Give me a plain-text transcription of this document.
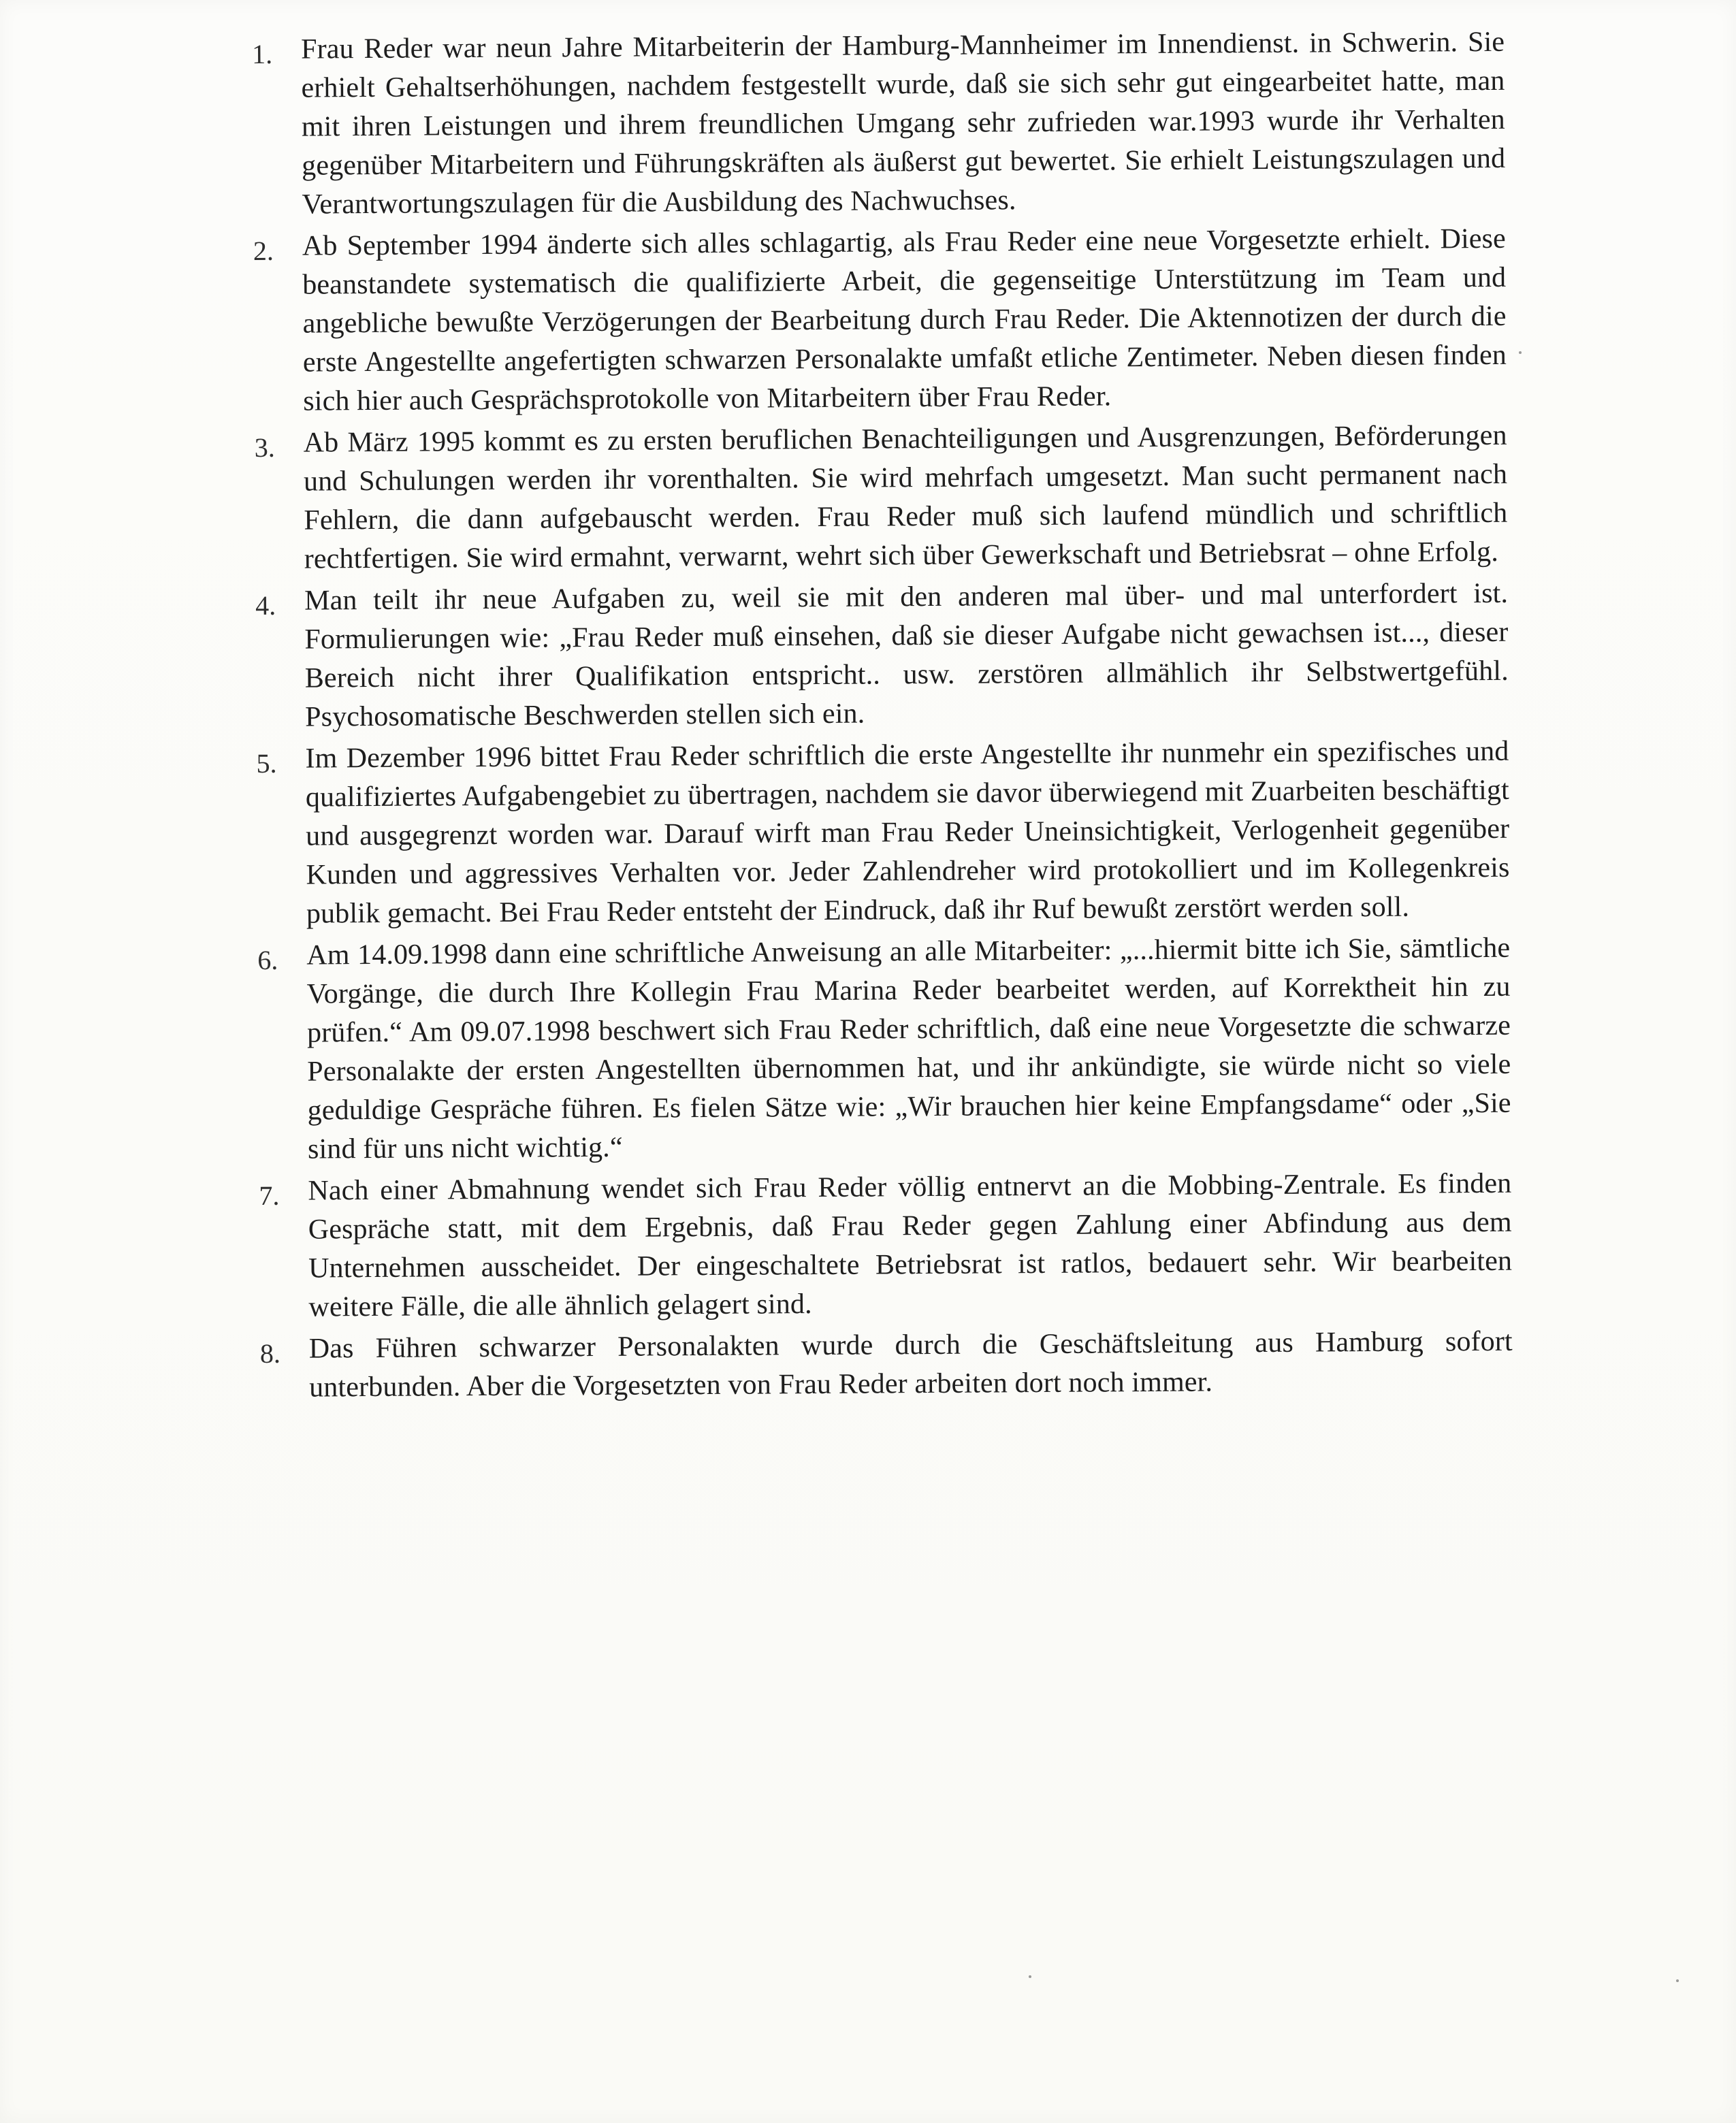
1. Frau Reder war neun Jahre Mitarbeiterin der Hamburg-Mannheimer im Innendienst. in Schwerin. Sie erhielt Gehaltserhöhungen, nachdem festgestellt wurde, daß sie sich sehr gut eingearbeitet hatte, man mit ihren Leistungen und ihrem freundlichen Umgang sehr zufrieden war.1993 wurde ihr Verhalten gegenüber Mitarbeitern und Führungskräften als äußerst gut bewertet. Sie erhielt Leistungszulagen und Verantwortungszulagen für die Ausbildung des Nachwuchses.
2. Ab September 1994 änderte sich alles schlagartig, als Frau Reder eine neue Vorgesetzte erhielt. Diese beanstandete systematisch die qualifizierte Arbeit, die gegenseitige Unterstützung im Team und angebliche bewußte Verzögerungen der Bearbeitung durch Frau Reder. Die Aktennotizen der durch die erste Angestellte angefertigten schwarzen Personalakte umfaßt etliche Zentimeter. Neben diesen finden sich hier auch Gesprächsprotokolle von Mitarbeitern über Frau Reder.
3. Ab März 1995 kommt es zu ersten beruflichen Benachteiligungen und Ausgrenzungen, Beförderungen und Schulungen werden ihr vorenthalten. Sie wird mehrfach umgesetzt. Man sucht permanent nach Fehlern, die dann aufgebauscht werden. Frau Reder muß sich laufend mündlich und schriftlich rechtfertigen. Sie wird ermahnt, verwarnt, wehrt sich über Gewerkschaft und Betriebsrat – ohne Erfolg.
4. Man teilt ihr neue Aufgaben zu, weil sie mit den anderen mal über- und mal unterfordert ist. Formulierungen wie: „Frau Reder muß einsehen, daß sie dieser Aufgabe nicht gewachsen ist..., dieser Bereich nicht ihrer Qualifikation entspricht.. usw. zerstören allmählich ihr Selbstwertgefühl. Psychosomatische Beschwerden stellen sich ein.
5. Im Dezember 1996 bittet Frau Reder schriftlich die erste Angestellte ihr nunmehr ein spezifisches und qualifiziertes Aufgabengebiet zu übertragen, nachdem sie davor überwiegend mit Zuarbeiten beschäftigt und ausgegrenzt worden war. Darauf wirft man Frau Reder Uneinsichtigkeit, Verlogenheit gegenüber Kunden und aggressives Verhalten vor. Jeder Zahlendreher wird protokolliert und im Kollegenkreis publik gemacht. Bei Frau Reder entsteht der Eindruck, daß ihr Ruf bewußt zerstört werden soll.
6. Am 14.09.1998 dann eine schriftliche Anweisung an alle Mitarbeiter: „...hiermit bitte ich Sie, sämtliche Vorgänge, die durch Ihre Kollegin Frau Marina Reder bearbeitet werden, auf Korrektheit hin zu prüfen.“ Am 09.07.1998 beschwert sich Frau Reder schriftlich, daß eine neue Vorgesetzte die schwarze Personalakte der ersten Angestellten übernommen hat, und ihr ankündigte, sie würde nicht so viele geduldige Gespräche führen. Es fielen Sätze wie: „Wir brauchen hier keine Empfangsdame“ oder „Sie sind für uns nicht wichtig.“
7. Nach einer Abmahnung wendet sich Frau Reder völlig entnervt an die Mobbing-Zentrale. Es finden Gespräche statt, mit dem Ergebnis, daß Frau Reder gegen Zahlung einer Abfindung aus dem Unternehmen ausscheidet. Der eingeschaltete Betriebsrat ist ratlos, bedauert sehr. Wir bearbeiten weitere Fälle, die alle ähnlich gelagert sind.
8. Das Führen schwarzer Personalakten wurde durch die Geschäftsleitung aus Hamburg sofort unterbunden. Aber die Vorgesetzten von Frau Reder arbeiten dort noch immer.
